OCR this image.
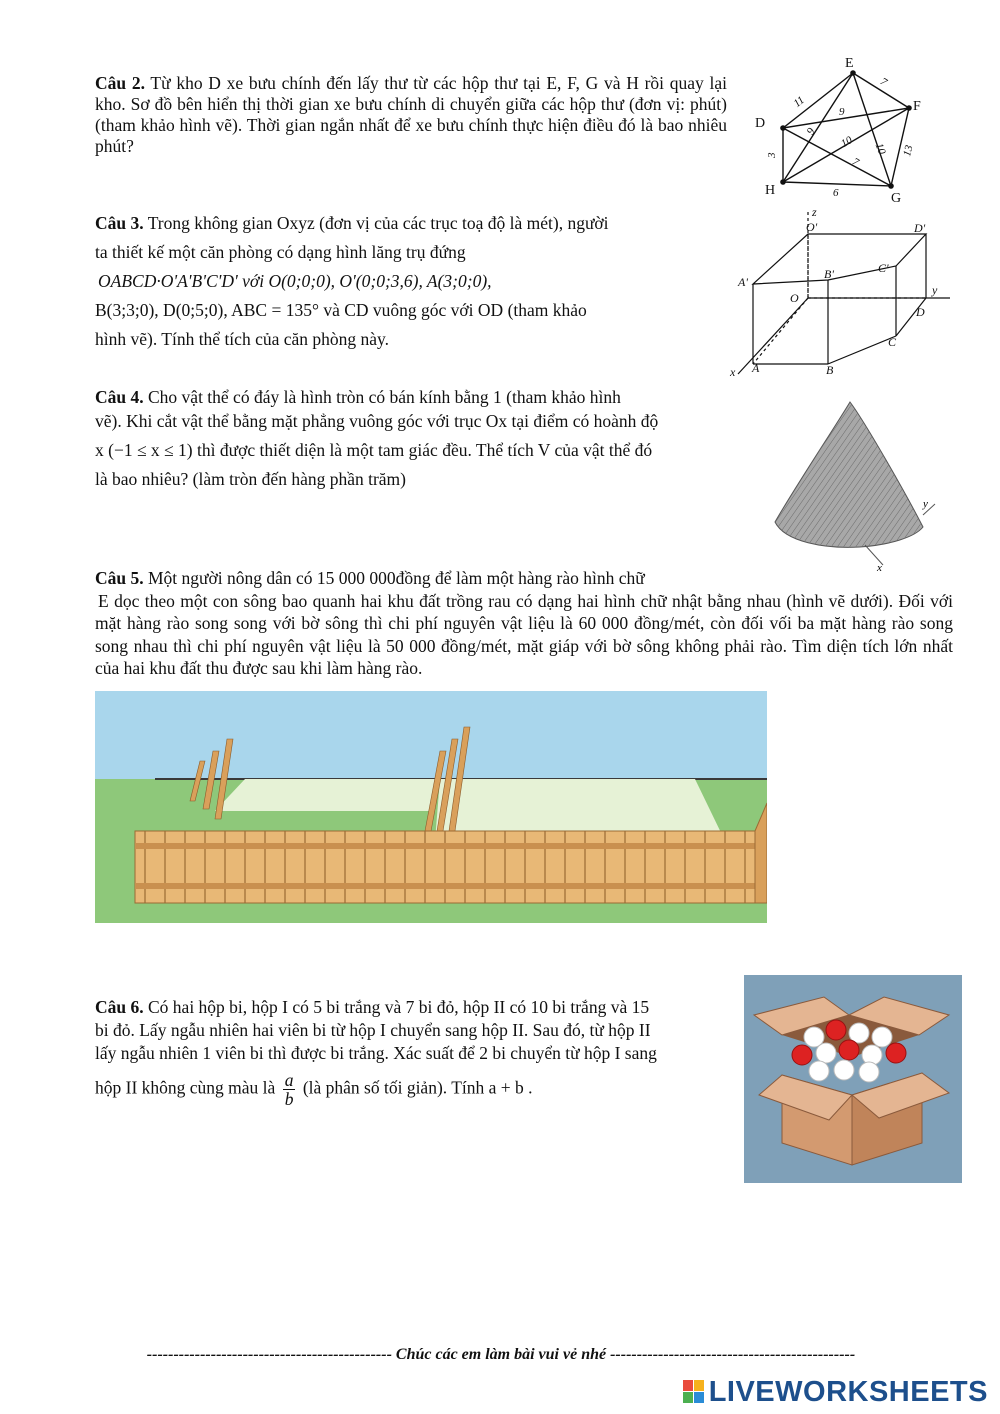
Câu 2. Từ kho D xe bưu chính đến lấy thư từ các hộp thư tại E, F, G và H rồi quay lại kho. Sơ đồ bên hiển thị thời gian xe bưu chính di chuyển giữa các hộp thư (đơn vị: phút) (tham khảo hình vẽ). Thời gian ngắn nhất để xe bưu chính thực hiện điều đó là bao nhiêu phút?

E
F
G
H
D
11
7
13
6
3
9
7
9
10
10

Câu 3. Trong không gian Oxyz (đơn vị của các trục toạ độ là mét), người

ta thiết kế một căn phòng có dạng hình lăng trụ đứng

OABCD·O'A'B'C'D' với O(0;0;0), O'(0;0;3,6), A(3;0;0),

B(3;3;0), D(0;5;0), ABC = 135° và CD vuông góc với OD (tham khảo

hình vẽ). Tính thể tích của căn phòng này.

z
O'	D'
A'
B'	C'
O
y
D
A	B
C
x

Câu 4. Cho vật thể có đáy là hình tròn có bán kính bằng 1 (tham khảo hình

vẽ). Khi cắt vật thể bằng mặt phẳng vuông góc với trục Ox tại điểm có hoành độ

x (−1 ≤ x ≤ 1) thì được thiết diện là một tam giác đều. Thể tích V của vật thể đó

là bao nhiêu? (làm tròn đến hàng phần trăm)

y
x

Câu 5. Một người nông dân có 15 000 000đồng để làm một hàng rào hình chữ

E dọc theo một con sông bao quanh hai khu đất trồng rau có dạng hai hình chữ nhật bằng nhau (hình vẽ dưới). Đối với mặt hàng rào song song với bờ sông thì chi phí nguyên vật liệu là 60 000 đồng/mét, còn đối vối ba mặt hàng rào song song nhau thì chi phí nguyên vật liệu là 50 000 đồng/mét, mặt giáp với bờ sông không phải rào. Tìm diện tích lớn nhất của hai khu đất thu được sau khi làm hàng rào.

Câu 6. Có hai hộp bi, hộp I có 5 bi trắng và 7 bi đỏ, hộp II có 10 bi trắng và 15

bi đỏ. Lấy ngẫu nhiên hai viên bi từ hộp I chuyển sang hộp II. Sau đó, từ hộp II

lấy ngẫu nhiên 1 viên bi thì được bi trắng. Xác suất để 2 bi chuyển từ hộp I sang

hộp II không cùng màu là $\frac{a}{b}$ (là phân số tối giản). Tính a + b .

---------------------------------------------- Chúc các em làm bài vui vẻ nhé ----------------------------------------------
LIVEWORKSHEETS
